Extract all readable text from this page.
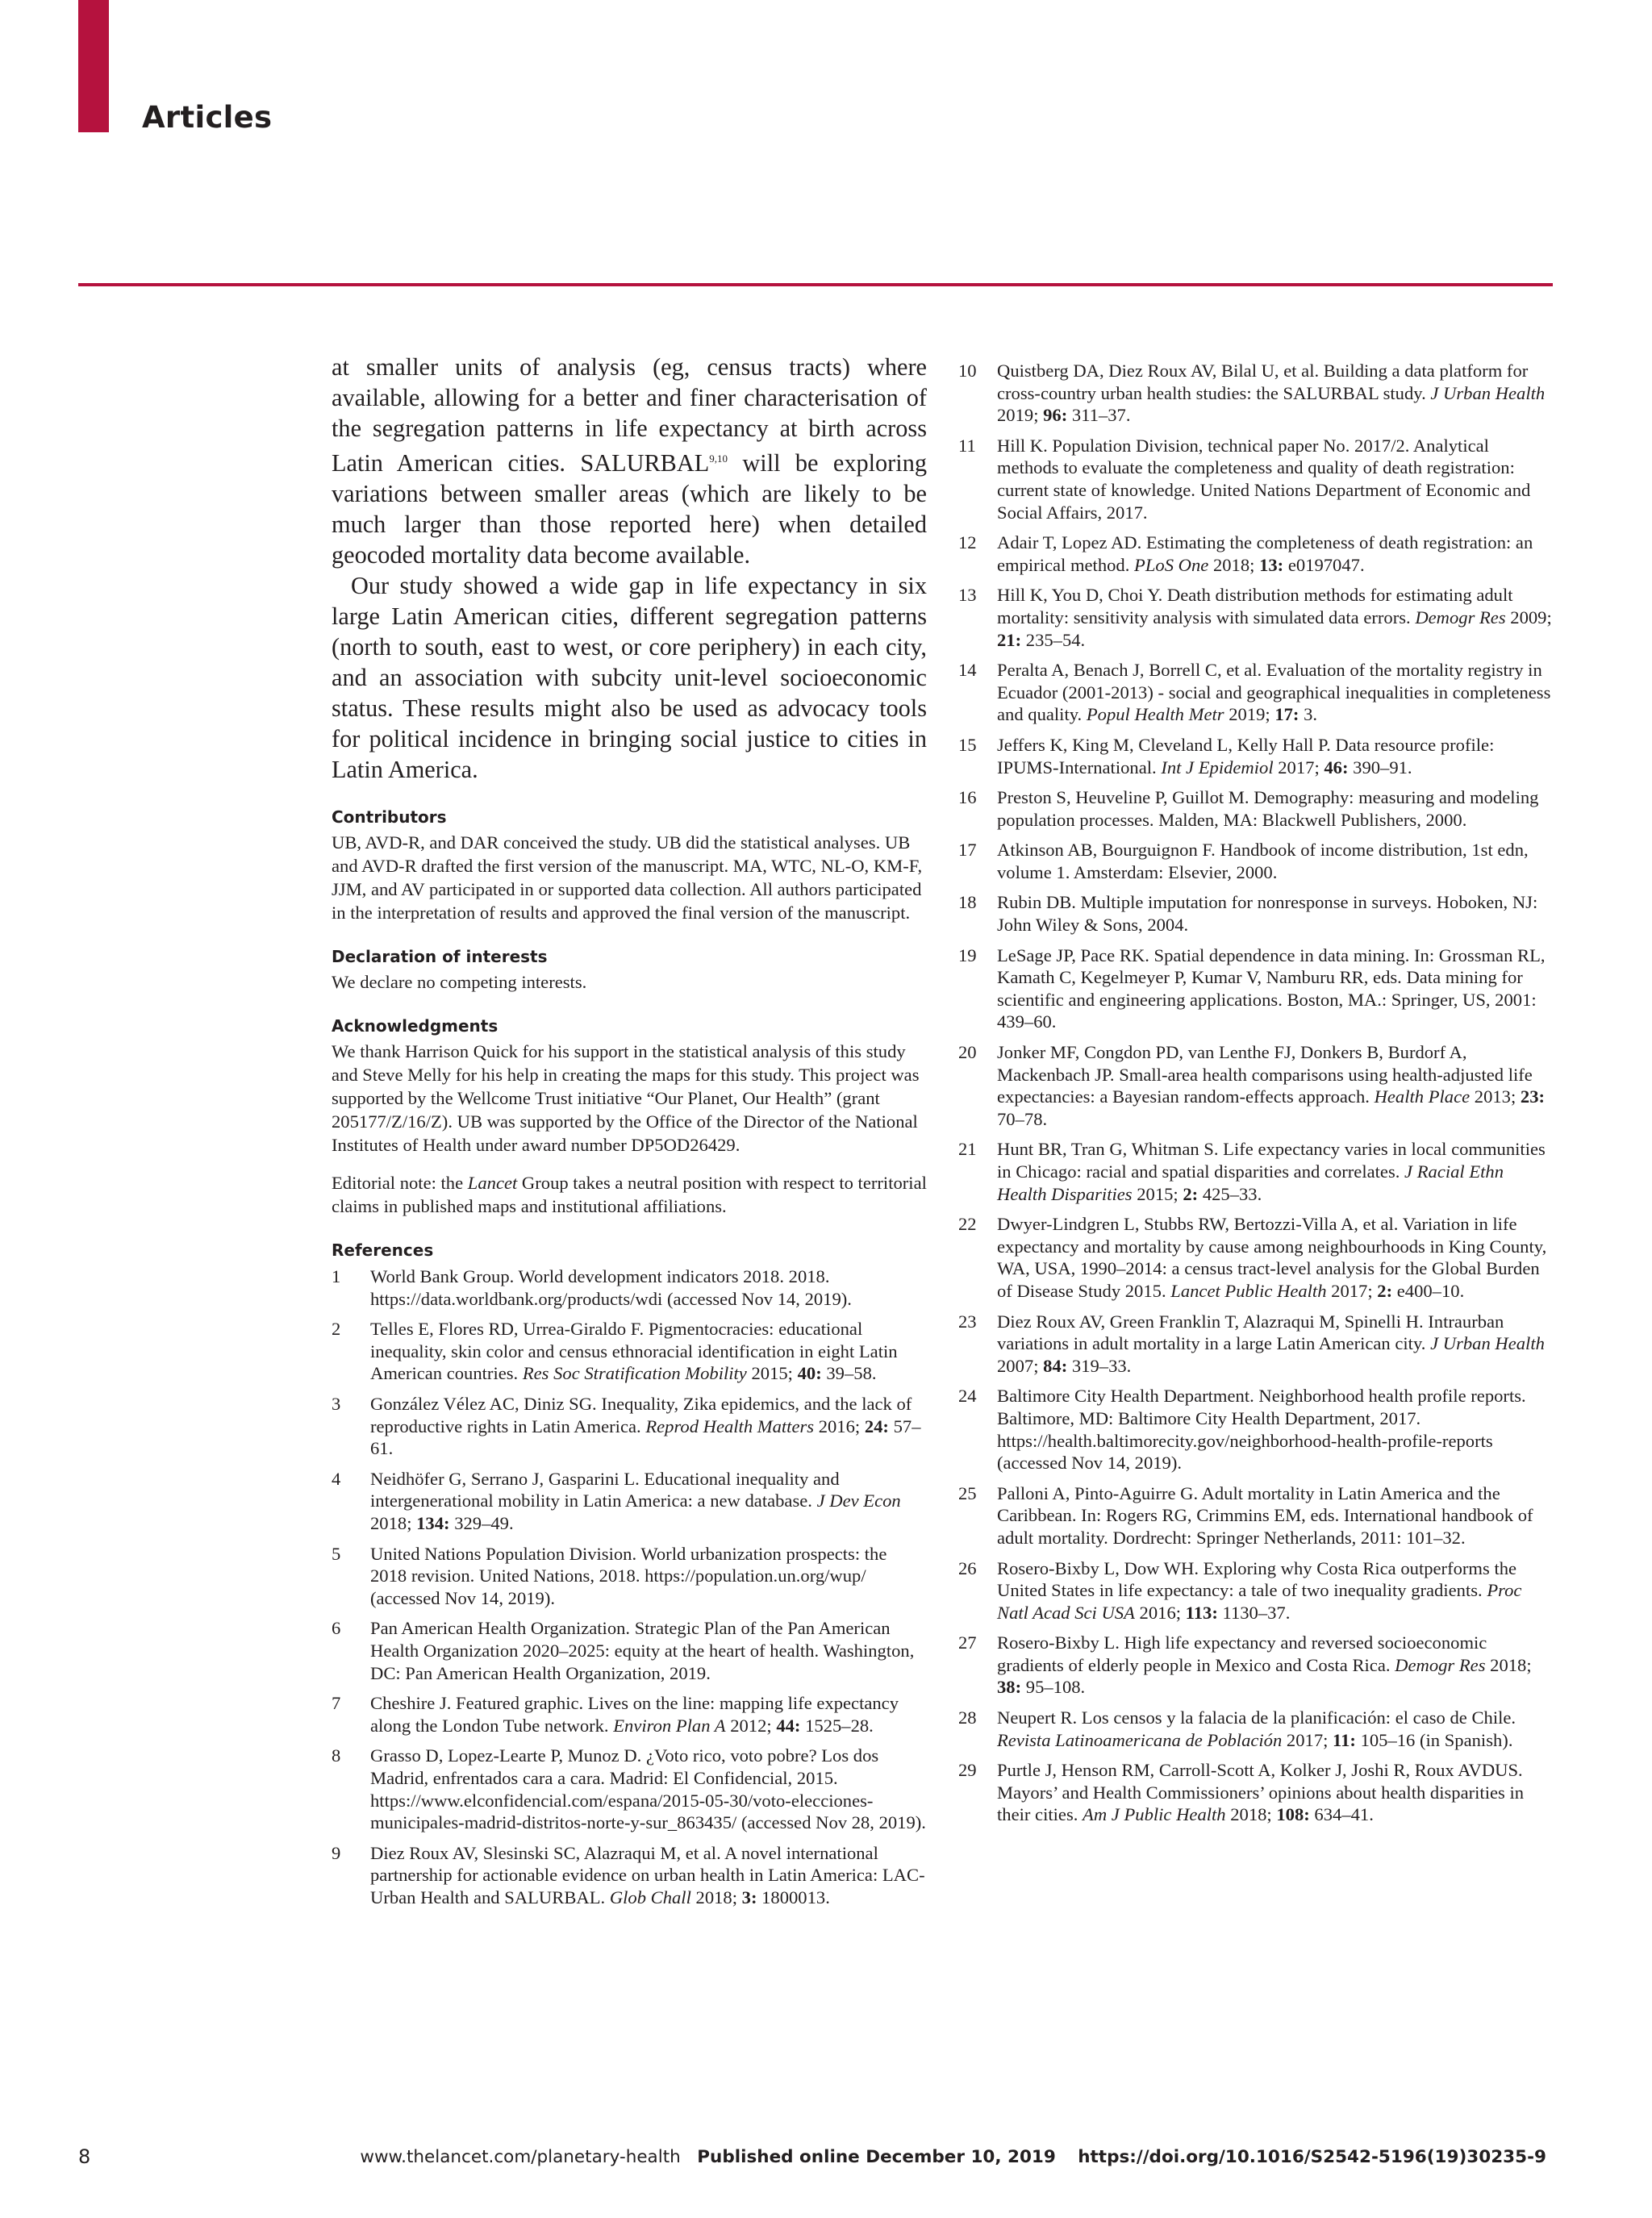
Articles

at smaller units of analysis (eg, census tracts) where available, allowing for a better and finer characterisation of the segregation patterns in life expectancy at birth across Latin American cities. SALURBAL$^{9,10}$ will be exploring variations between smaller areas (which are likely to be much larger than those reported here) when detailed geocoded mortality data become available.

Our study showed a wide gap in life expectancy in six large Latin American cities, different segregation patterns (north to south, east to west, or core periphery) in each city, and an association with subcity unit-level socioeconomic status. These results might also be used as advocacy tools for political incidence in bringing social justice to cities in Latin America.

Contributors

UB, AVD-R, and DAR conceived the study. UB did the statistical analyses. UB and AVD-R drafted the first version of the manuscript. MA, WTC, NL-O, KM-F, JJM, and AV participated in or supported data collection. All authors participated in the interpretation of results and approved the final version of the manuscript.

Declaration of interests

We declare no competing interests.

Acknowledgments

We thank Harrison Quick for his support in the statistical analysis of this study and Steve Melly for his help in creating the maps for this study. This project was supported by the Wellcome Trust initiative “Our Planet, Our Health” (grant 205177/Z/16/Z). UB was supported by the Office of the Director of the National Institutes of Health under award number DP5OD26429.

Editorial note: the Lancet Group takes a neutral position with respect to territorial claims in published maps and institutional affiliations.

References
1 World Bank Group. World development indicators 2018. 2018. https://data.worldbank.org/products/wdi (accessed Nov 14, 2019).
2 Telles E, Flores RD, Urrea-Giraldo F. Pigmentocracies: educational inequality, skin color and census ethnoracial identification in eight Latin American countries. Res Soc Stratification Mobility 2015; 40: 39–58.
3 González Vélez AC, Diniz SG. Inequality, Zika epidemics, and the lack of reproductive rights in Latin America. Reprod Health Matters 2016; 24: 57–61.
4 Neidhöfer G, Serrano J, Gasparini L. Educational inequality and intergenerational mobility in Latin America: a new database. J Dev Econ 2018; 134: 329–49.
5 United Nations Population Division. World urbanization prospects: the 2018 revision. United Nations, 2018. https://population.un.org/wup/ (accessed Nov 14, 2019).
6 Pan American Health Organization. Strategic Plan of the Pan American Health Organization 2020–2025: equity at the heart of health. Washington, DC: Pan American Health Organization, 2019.
7 Cheshire J. Featured graphic. Lives on the line: mapping life expectancy along the London Tube network. Environ Plan A 2012; 44: 1525–28.
8 Grasso D, Lopez-Learte P, Munoz D. ¿Voto rico, voto pobre? Los dos Madrid, enfrentados cara a cara. Madrid: El Confidencial, 2015. https://www.elconfidencial.com/espana/2015-05-30/voto-elecciones-municipales-madrid-distritos-norte-y-sur_863435/ (accessed Nov 28, 2019).
9 Diez Roux AV, Slesinski SC, Alazraqui M, et al. A novel international partnership for actionable evidence on urban health in Latin America: LAC-Urban Health and SALURBAL. Glob Chall 2018; 3: 1800013.
10 Quistberg DA, Diez Roux AV, Bilal U, et al. Building a data platform for cross-country urban health studies: the SALURBAL study. J Urban Health 2019; 96: 311–37.
11 Hill K. Population Division, technical paper No. 2017/2. Analytical methods to evaluate the completeness and quality of death registration: current state of knowledge. United Nations Department of Economic and Social Affairs, 2017.
12 Adair T, Lopez AD. Estimating the completeness of death registration: an empirical method. PLoS One 2018; 13: e0197047.
13 Hill K, You D, Choi Y. Death distribution methods for estimating adult mortality: sensitivity analysis with simulated data errors. Demogr Res 2009; 21: 235–54.
14 Peralta A, Benach J, Borrell C, et al. Evaluation of the mortality registry in Ecuador (2001-2013) - social and geographical inequalities in completeness and quality. Popul Health Metr 2019; 17: 3.
15 Jeffers K, King M, Cleveland L, Kelly Hall P. Data resource profile: IPUMS-International. Int J Epidemiol 2017; 46: 390–91.
16 Preston S, Heuveline P, Guillot M. Demography: measuring and modeling population processes. Malden, MA: Blackwell Publishers, 2000.
17 Atkinson AB, Bourguignon F. Handbook of income distribution, 1st edn, volume 1. Amsterdam: Elsevier, 2000.
18 Rubin DB. Multiple imputation for nonresponse in surveys. Hoboken, NJ: John Wiley & Sons, 2004.
19 LeSage JP, Pace RK. Spatial dependence in data mining. In: Grossman RL, Kamath C, Kegelmeyer P, Kumar V, Namburu RR, eds. Data mining for scientific and engineering applications. Boston, MA.: Springer, US, 2001: 439–60.
20 Jonker MF, Congdon PD, van Lenthe FJ, Donkers B, Burdorf A, Mackenbach JP. Small-area health comparisons using health-adjusted life expectancies: a Bayesian random-effects approach. Health Place 2013; 23: 70–78.
21 Hunt BR, Tran G, Whitman S. Life expectancy varies in local communities in Chicago: racial and spatial disparities and correlates. J Racial Ethn Health Disparities 2015; 2: 425–33.
22 Dwyer-Lindgren L, Stubbs RW, Bertozzi-Villa A, et al. Variation in life expectancy and mortality by cause among neighbourhoods in King County, WA, USA, 1990–2014: a census tract-level analysis for the Global Burden of Disease Study 2015. Lancet Public Health 2017; 2: e400–10.
23 Diez Roux AV, Green Franklin T, Alazraqui M, Spinelli H. Intraurban variations in adult mortality in a large Latin American city. J Urban Health 2007; 84: 319–33.
24 Baltimore City Health Department. Neighborhood health profile reports. Baltimore, MD: Baltimore City Health Department, 2017. https://health.baltimorecity.gov/neighborhood-health-profile-reports (accessed Nov 14, 2019).
25 Palloni A, Pinto-Aguirre G. Adult mortality in Latin America and the Caribbean. In: Rogers RG, Crimmins EM, eds. International handbook of adult mortality. Dordrecht: Springer Netherlands, 2011: 101–32.
26 Rosero-Bixby L, Dow WH. Exploring why Costa Rica outperforms the United States in life expectancy: a tale of two inequality gradients. Proc Natl Acad Sci USA 2016; 113: 1130–37.
27 Rosero-Bixby L. High life expectancy and reversed socioeconomic gradients of elderly people in Mexico and Costa Rica. Demogr Res 2018; 38: 95–108.
28 Neupert R. Los censos y la falacia de la planificación: el caso de Chile. Revista Latinoamericana de Población 2017; 11: 105–16 (in Spanish).
29 Purtle J, Henson RM, Carroll-Scott A, Kolker J, Joshi R, Roux AVDUS. Mayors’ and Health Commissioners’ opinions about health disparities in their cities. Am J Public Health 2018; 108: 634–41.
8	www.thelancet.com/planetary-health Published online December 10, 2019 https://doi.org/10.1016/S2542-5196(19)30235-9
